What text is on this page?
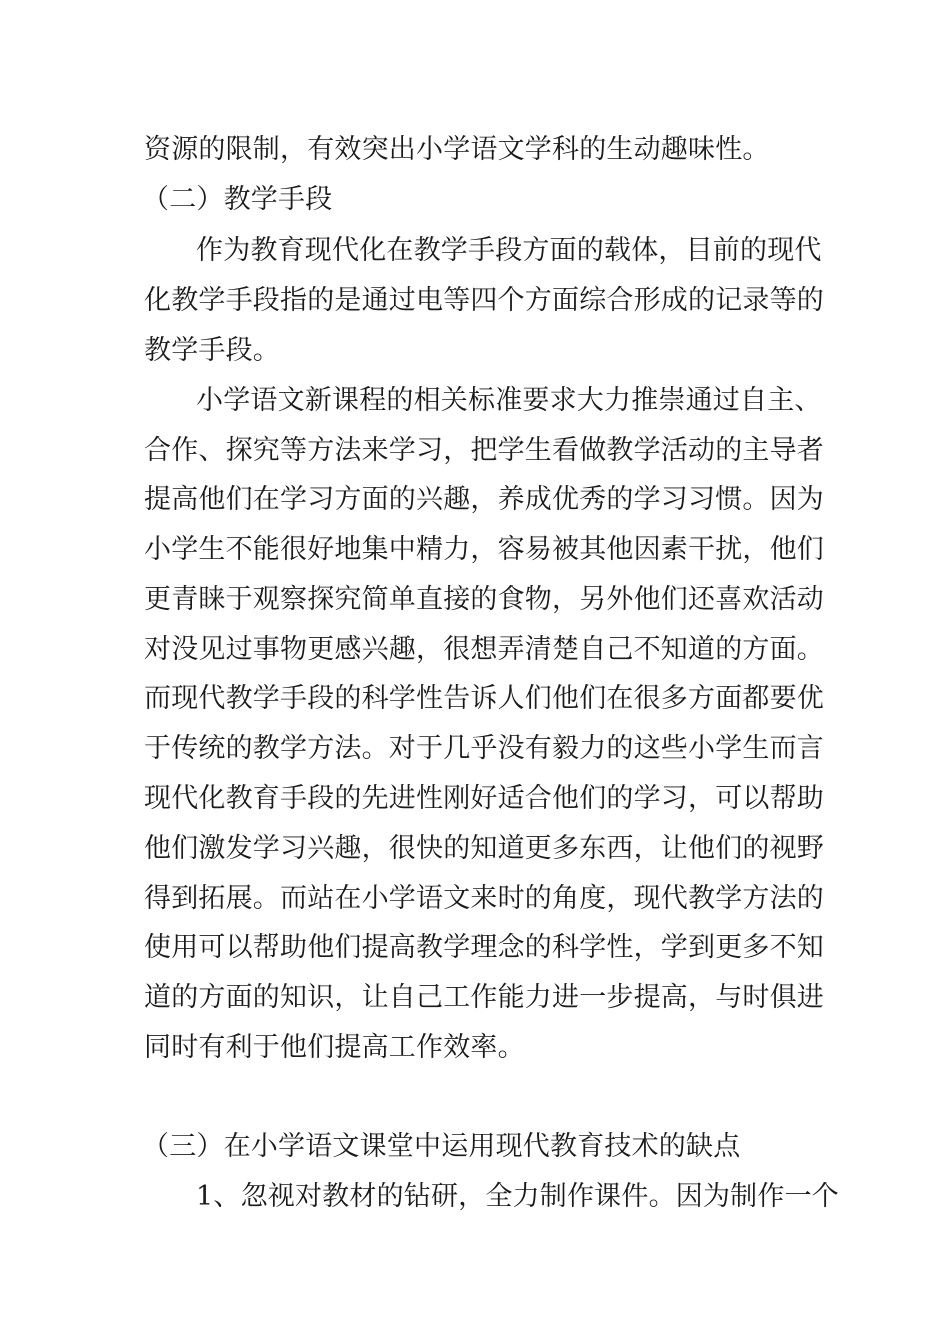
资源的限制，有效突出小学语文学科的生动趣味性。
（二）教学手段
作为教育现代化在教学手段方面的载体，目前的现代
化教学手段指的是通过电等四个方面综合形成的记录等的
教学手段。
小学语文新课程的相关标准要求大力推崇通过自主、
合作、探究等方法来学习，把学生看做教学活动的主导者
提高他们在学习方面的兴趣，养成优秀的学习习惯。因为
小学生不能很好地集中精力，容易被其他因素干扰，他们
更青睐于观察探究简单直接的食物，另外他们还喜欢活动
对没见过事物更感兴趣，很想弄清楚自己不知道的方面。
而现代教学手段的科学性告诉人们他们在很多方面都要优
于传统的教学方法。对于几乎没有毅力的这些小学生而言
现代化教育手段的先进性刚好适合他们的学习，可以帮助
他们激发学习兴趣，很快的知道更多东西，让他们的视野
得到拓展。而站在小学语文来时的角度，现代教学方法的
使用可以帮助他们提高教学理念的科学性，学到更多不知
道的方面的知识，让自己工作能力进一步提高，与时俱进
同时有利于他们提高工作效率。
（三）在小学语文课堂中运用现代教育技术的缺点
1、忽视对教材的钻研，全力制作课件。因为制作一个
